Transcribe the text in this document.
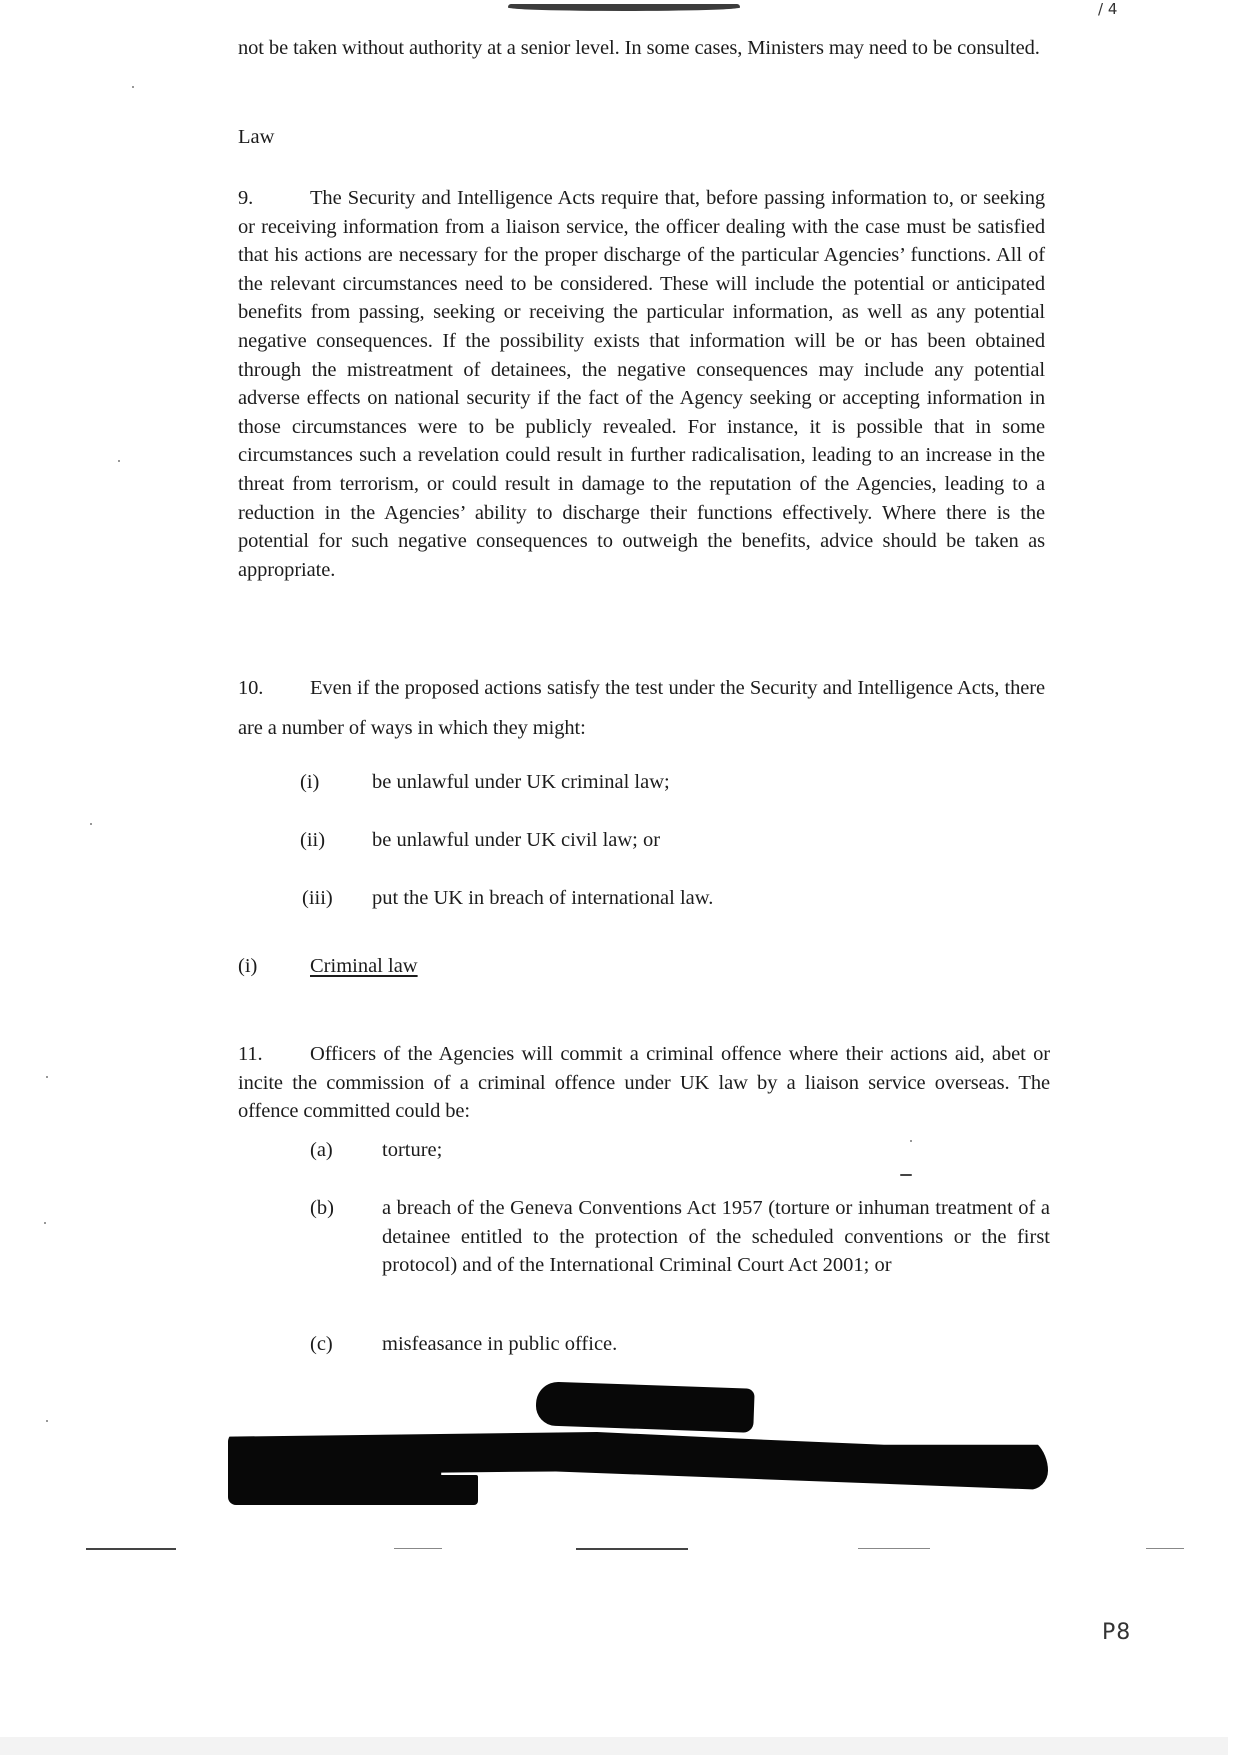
/ 4
not be taken without authority at a senior level. In some cases, Ministers may need to be consulted.
Law
9.	The Security and Intelligence Acts require that, before passing information to, or seeking or receiving information from a liaison service, the officer dealing with the case must be satisfied that his actions are necessary for the proper discharge of the particular Agencies’ functions. All of the relevant circumstances need to be considered. These will include the potential or anticipated benefits from passing, seeking or receiving the particular information, as well as any potential negative consequences. If the possibility exists that information will be or has been obtained through the mistreatment of detainees, the negative consequences may include any potential adverse effects on national security if the fact of the Agency seeking or accepting information in those circumstances were to be publicly revealed. For instance, it is possible that in some circumstances such a revelation could result in further radicalisation, leading to an increase in the threat from terrorism, or could result in damage to the reputation of the Agencies, leading to a reduction in the Agencies’ ability to discharge their functions effectively. Where there is the potential for such negative consequences to outweigh the benefits, advice should be taken as appropriate.
10. Even if the proposed actions satisfy the test under the Security and Intelligence Acts, there are a number of ways in which they might:
(i)	be unlawful under UK criminal law;
(ii) be unlawful under UK civil law; or
(iii) put the UK in breach of international law.
(i)	Criminal law
11. Officers of the Agencies will commit a criminal offence where their actions aid, abet or incite the commission of a criminal offence under UK law by a liaison service overseas. The offence committed could be:
(a) torture;
(b) a breach of the Geneva Conventions Act 1957 (torture or inhuman treatment of a detainee entitled to the protection of the scheduled conventions or the first protocol) and of the International Criminal Court Act 2001; or
(c) misfeasance in public office.
P8
